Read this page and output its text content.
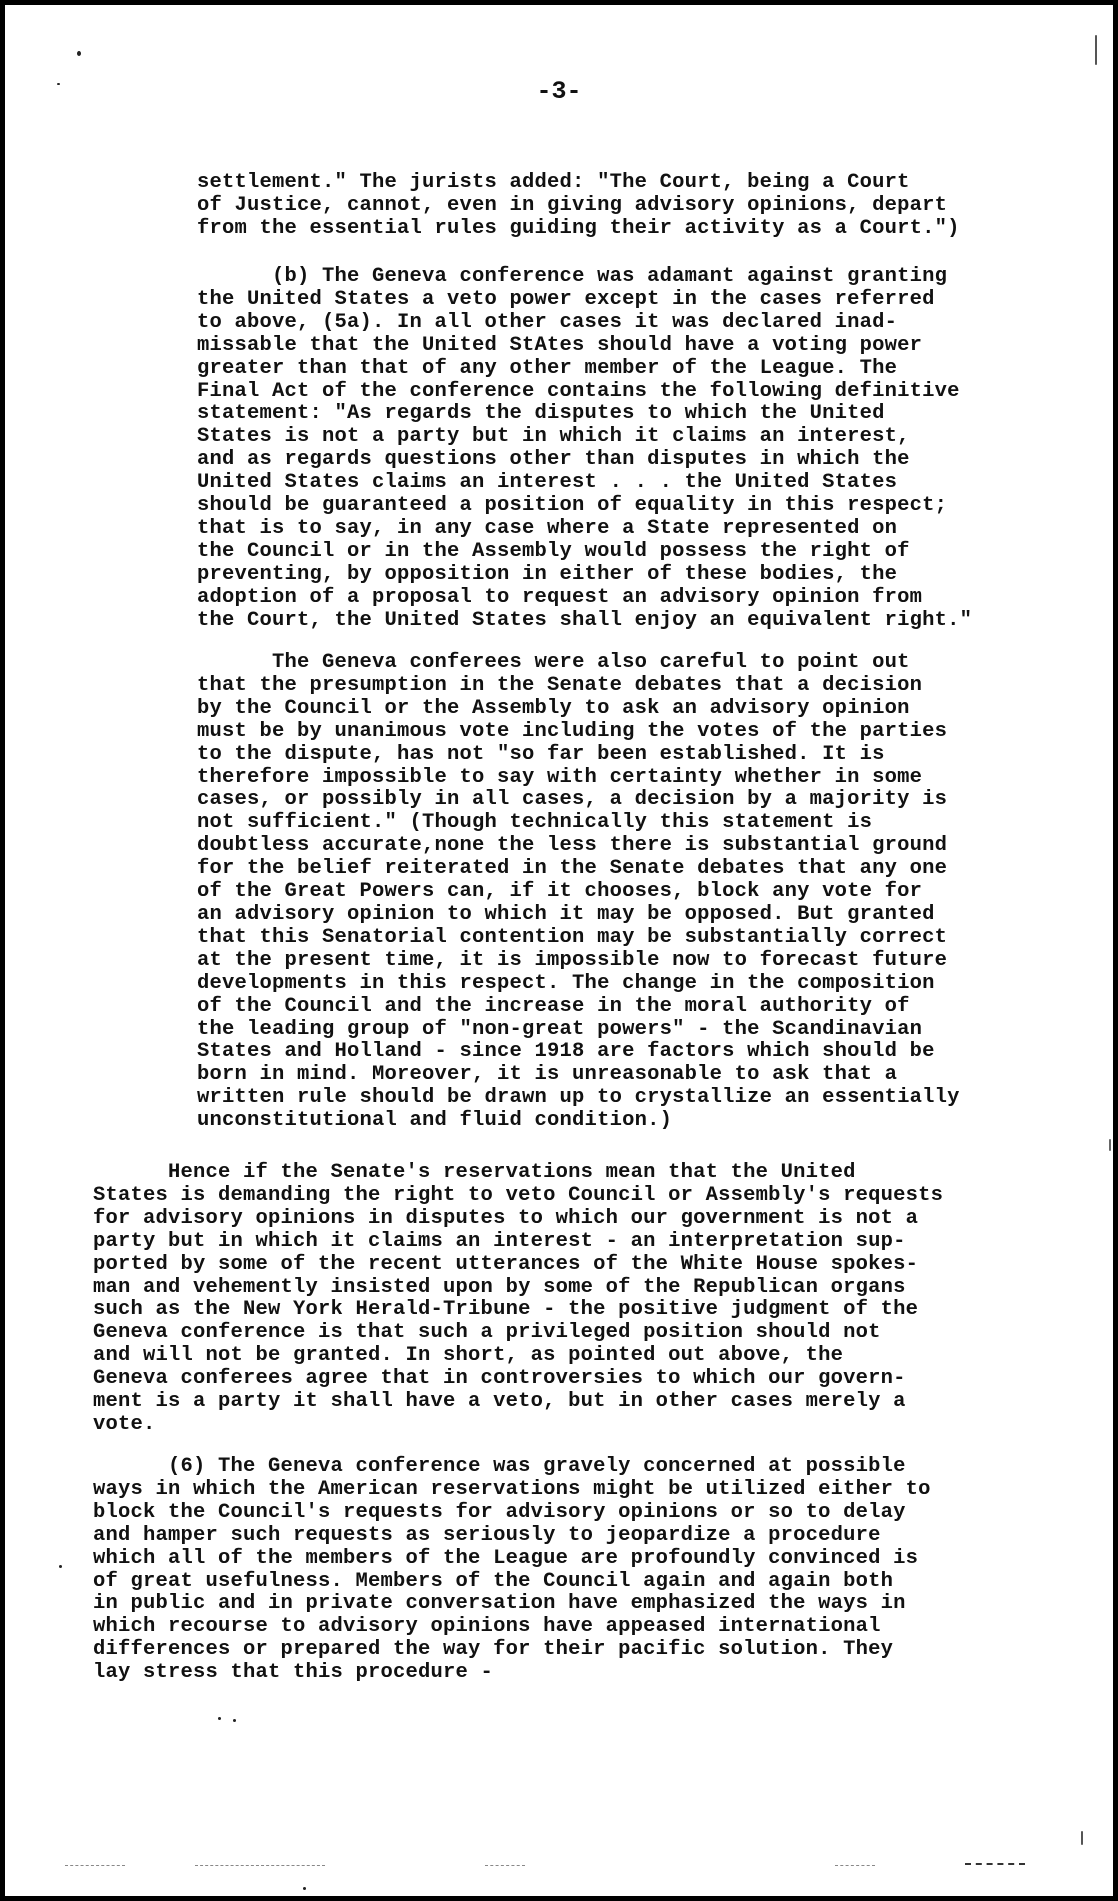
-3-

settlement." The jurists added: "The Court, being a Court
of Justice, cannot, even in giving advisory opinions, depart
from the essential rules guiding their activity as a Court.")

(b) The Geneva conference was adamant against granting
the United States a veto power except in the cases referred
to above, (5a). In all other cases it was declared inad-
missable that the United StAtes should have a voting power
greater than that of any other member of the League. The
Final Act of the conference contains the following definitive
statement: "As regards the disputes to which the United
States is not a party but in which it claims an interest,
and as regards questions other than disputes in which the
United States claims an interest . . . the United States
should be guaranteed a position of equality in this respect;
that is to say, in any case where a State represented on
the Council or in the Assembly would possess the right of
preventing, by opposition in either of these bodies, the
adoption of a proposal to request an advisory opinion from
the Court, the United States shall enjoy an equivalent right."

The Geneva conferees were also careful to point out
that the presumption in the Senate debates that a decision
by the Council or the Assembly to ask an advisory opinion
must be by unanimous vote including the votes of the parties
to the dispute, has not "so far been established. It is
therefore impossible to say with certainty whether in some
cases, or possibly in all cases, a decision by a majority is
not sufficient." (Though technically this statement is
doubtless accurate,none the less there is substantial ground
for the belief reiterated in the Senate debates that any one
of the Great Powers can, if it chooses, block any vote for
an advisory opinion to which it may be opposed. But granted
that this Senatorial contention may be substantially correct
at the present time, it is impossible now to forecast future
developments in this respect. The change in the composition
of the Council and the increase in the moral authority of
the leading group of "non-great powers" - the Scandinavian
States and Holland - since 1918 are factors which should be
born in mind. Moreover, it is unreasonable to ask that a
written rule should be drawn up to crystallize an essentially
unconstitutional and fluid condition.)

Hence if the Senate's reservations mean that the United
States is demanding the right to veto Council or Assembly's requests
for advisory opinions in disputes to which our government is not a
party but in which it claims an interest - an interpretation sup-
ported by some of the recent utterances of the White House spokes-
man and vehemently insisted upon by some of the Republican organs
such as the New York Herald-Tribune - the positive judgment of the
Geneva conference is that such a privileged position should not
and will not be granted. In short, as pointed out above, the
Geneva conferees agree that in controversies to which our govern-
ment is a party it shall have a veto, but in other cases merely a
vote.

(6) The Geneva conference was gravely concerned at possible
ways in which the American reservations might be utilized either to
block the Council's requests for advisory opinions or so to delay
and hamper such requests as seriously to jeopardize a procedure
which all of the members of the League are profoundly convinced is
of great usefulness. Members of the Council again and again both
in public and in private conversation have emphasized the ways in
which recourse to advisory opinions have appeased international
differences or prepared the way for their pacific solution. They
lay stress that this procedure -
